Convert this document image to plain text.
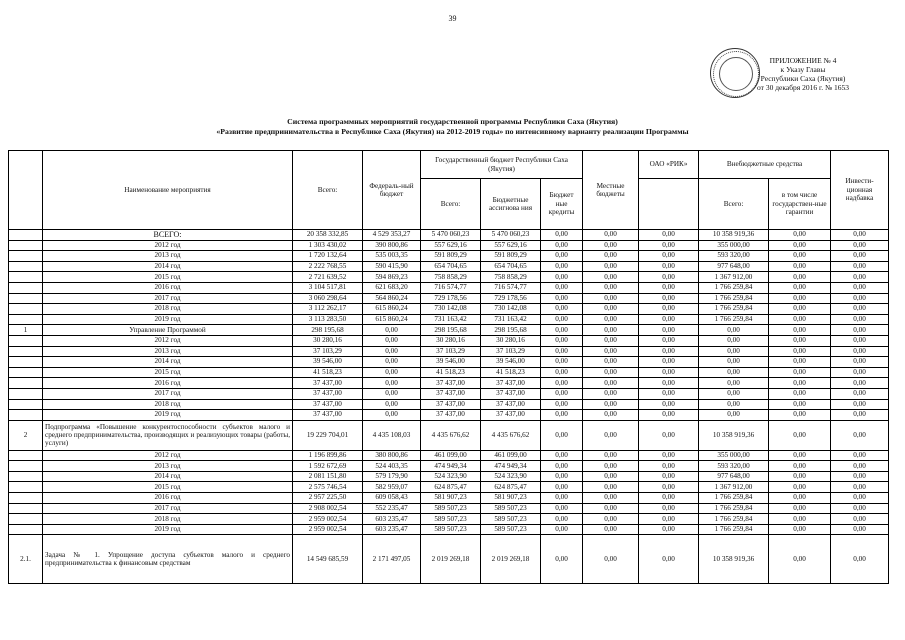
39
ПРИЛОЖЕНИЕ № 4
к Указу Главы
Республики Саха (Якутия)
от 30 декабря 2016 г. № 1653
Система программных мероприятий государственной программы Республики Саха (Якутия)
«Развитие предпринимательства в Республике Саха (Якутия) на 2012-2019 годы» по интенсивному варианту реализации Программы
	Наименование мероприятия	Всего:	Федераль-ный бюджет	Государственный бюджет Республики Саха (Якутия)			Местные бюджеты	ОАО «РИК»	Внебюджетные средства		Инвести-ционная надбавка
				Всего:	Бюджетные ассигнова ния	Бюджет ные кредиты			Всего:	в том числе государствен-ные гарантии	
	ВСЕГО:	20 358 332,85	4 529 353,27	5 470 060,23	5 470 060,23	0,00	0,00	0,00	10 358 919,36	0,00	0,00
	2012 год	1 303 430,02	390 800,86	557 629,16	557 629,16	0,00	0,00	0,00	355 000,00	0,00	0,00
	2013 год	1 720 132,64	535 003,35	591 809,29	591 809,29	0,00	0,00	0,00	593 320,00	0,00	0,00
	2014 год	2 222 768,55	590 415,90	654 704,65	654 704,65	0,00	0,00	0,00	977 648,00	0,00	0,00
	2015 год	2 721 639,52	594 869,23	758 858,29	758 858,29	0,00	0,00	0,00	1 367 912,00	0,00	0,00
	2016 год	3 104 517,81	621 683,20	716 574,77	716 574,77	0,00	0,00	0,00	1 766 259,84	0,00	0,00
	2017 год	3 060 298,64	564 860,24	729 178,56	729 178,56	0,00	0,00	0,00	1 766 259,84	0,00	0,00
	2018 год	3 112 262,17	615 860,24	730 142,08	730 142,08	0,00	0,00	0,00	1 766 259,84	0,00	0,00
	2019 год	3 113 283,50	615 860,24	731 163,42	731 163,42	0,00	0,00	0,00	1 766 259,84	0,00	0,00
1	Управление Программой	298 195,68	0,00	298 195,68	298 195,68	0,00	0,00	0,00	0,00	0,00	0,00
	2012 год	30 280,16	0,00	30 280,16	30 280,16	0,00	0,00	0,00	0,00	0,00	0,00
	2013 год	37 103,29	0,00	37 103,29	37 103,29	0,00	0,00	0,00	0,00	0,00	0,00
	2014 год	39 546,00	0,00	39 546,00	39 546,00	0,00	0,00	0,00	0,00	0,00	0,00
	2015 год	41 518,23	0,00	41 518,23	41 518,23	0,00	0,00	0,00	0,00	0,00	0,00
	2016 год	37 437,00	0,00	37 437,00	37 437,00	0,00	0,00	0,00	0,00	0,00	0,00
	2017 год	37 437,00	0,00	37 437,00	37 437,00	0,00	0,00	0,00	0,00	0,00	0,00
	2018 год	37 437,00	0,00	37 437,00	37 437,00	0,00	0,00	0,00	0,00	0,00	0,00
	2019 год	37 437,00	0,00	37 437,00	37 437,00	0,00	0,00	0,00	0,00	0,00	0,00
2	Подпрограмма «Повышение конкурентоспособности субъектов малого и среднего предпринимательства, производящих и реализующих товары (работы, услуги)	19 229 704,01	4 435 108,03	4 435 676,62	4 435 676,62	0,00	0,00	0,00	10 358 919,36	0,00	0,00
	2012 год	1 196 899,86	380 800,86	461 099,00	461 099,00	0,00	0,00	0,00	355 000,00	0,00	0,00
	2013 год	1 592 672,69	524 403,35	474 949,34	474 949,34	0,00	0,00	0,00	593 320,00	0,00	0,00
	2014 год	2 081 151,80	579 179,90	524 323,90	524 323,90	0,00	0,00	0,00	977 648,00	0,00	0,00
	2015 год	2 575 746,54	582 959,07	624 875,47	624 875,47	0,00	0,00	0,00	1 367 912,00	0,00	0,00
	2016 год	2 957 225,50	609 058,43	581 907,23	581 907,23	0,00	0,00	0,00	1 766 259,84	0,00	0,00
	2017 год	2 908 002,54	552 235,47	589 507,23	589 507,23	0,00	0,00	0,00	1 766 259,84	0,00	0,00
	2018 год	2 959 002,54	603 235,47	589 507,23	589 507,23	0,00	0,00	0,00	1 766 259,84	0,00	0,00
	2019 год	2 959 002,54	603 235,47	589 507,23	589 507,23	0,00	0,00	0,00	1 766 259,84	0,00	0,00
2.1.	Задача № 1. Упрощение доступа субъектов малого и среднего предпринимательства к финансовым средствам	14 549 685,59	2 171 497,05	2 019 269,18	2 019 269,18	0,00	0,00	0,00	10 358 919,36	0,00	0,00
